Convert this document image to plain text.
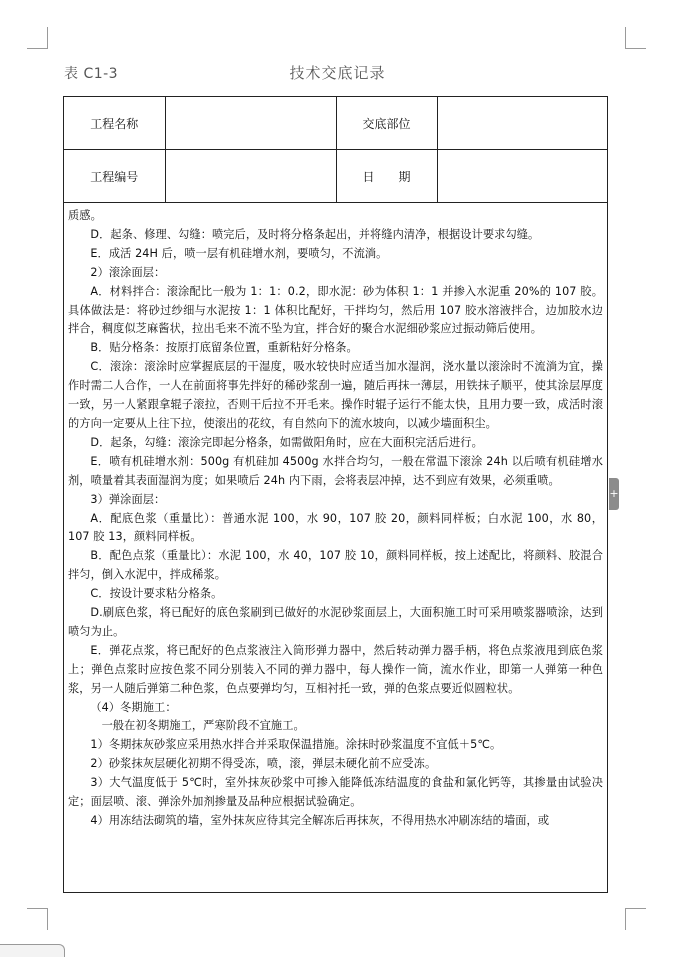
表 C1-3	技术交底记录
工程名称		交底部位	
工程编号		日　　期	

质感。

D．起条、修理、勾缝：喷完后，及时将分格条起出，并将缝内清净，根据设计要求勾缝。

E．成活 24H 后，喷一层有机硅增水剂，要喷匀，不流淌。

2）滚涂面层：

A．材料拌合：滚涂配比一般为 1：1：0.2，即水泥：砂为体积 1：1 并掺入水泥重 20%的 107 胶。具体做法是：将砂过纱细与水泥按 1：1 体积比配好，干拌均匀，然后用 107 胶水溶液拌合，边加胶水边拌合，稠度似芝麻酱状，拉出毛来不流不坠为宜，拌合好的聚合水泥细砂浆应过振动筛后使用。

B．贴分格条：按原打底留条位置，重新粘好分格条。

C．滚涂：滚涂时应掌握底层的干湿度，吸水较快时应适当加水湿润，浇水量以滚涂时不流淌为宜，操作时需二人合作，一人在前面将事先拌好的稀砂浆刮一遍，随后再抹一薄层，用铁抹子顺平，使其涂层厚度一致，另一人紧跟拿辊子滚拉，否则干后拉不开毛来。操作时辊子运行不能太快，且用力要一致，成活时滚的方向一定要从上往下拉，使滚出的花纹，有自然向下的流水坡向，以减少墙面积尘。

D．起条，勾缝：滚涂完即起分格条，如需做阳角时，应在大面积完活后进行。

E．喷有机硅增水剂：500g 有机硅加 4500g 水拌合均匀，一般在常温下滚涂 24h 以后喷有机硅增水剂，喷量着其表面湿润为度；如果喷后 24h 内下雨，会将表层冲掉，达不到应有效果，必须重喷。

3）弹涂面层：

A．配底色浆（重量比）：普通水泥 100，水 90，107 胶 20，颜料同样板；白水泥 100，水 80，107 胶 13，颜料同样板。

B．配色点浆（重量比）：水泥 100，水 40，107 胶 10，颜料同样板，按上述配比，将颜料、胶混合拌匀，倒入水泥中，拌成稀浆。

C．按设计要求粘分格条。

D.刷底色浆，将已配好的底色浆刷到已做好的水泥砂浆面层上，大面积施工时可采用喷浆器喷涂，达到喷匀为止。

E．弹花点浆，将已配好的色点浆液注入筒形弹力器中，然后转动弹力器手柄，将色点浆液甩到底色浆上；弹色点浆时应按色浆不同分别装入不同的弹力器中，每人操作一筒，流水作业，即第一人弹第一种色浆，另一人随后弹第二种色浆，色点要弹均匀，互相衬托一致，弹的色浆点要近似圆粒状。

（4）冬期施工：

一般在初冬期施工，严寒阶段不宜施工。

1）冬期抹灰砂浆应采用热水拌合并采取保温措施。涂抹时砂浆温度不宜低＋5℃。

2）砂浆抹灰层硬化初期不得受冻，喷，滚，弹层未硬化前不应受冻。

3）大气温度低于 5℃时，室外抹灰砂浆中可掺入能降低冻结温度的食盐和氯化钙等，其掺量由试验决定；面层喷、滚、弹涂外加剂掺量及品种应根据试验确定。

4）用冻结法砌筑的墙，室外抹灰应待其完全解冻后再抹灰，不得用热水冲刷冻结的墙面，或

+
